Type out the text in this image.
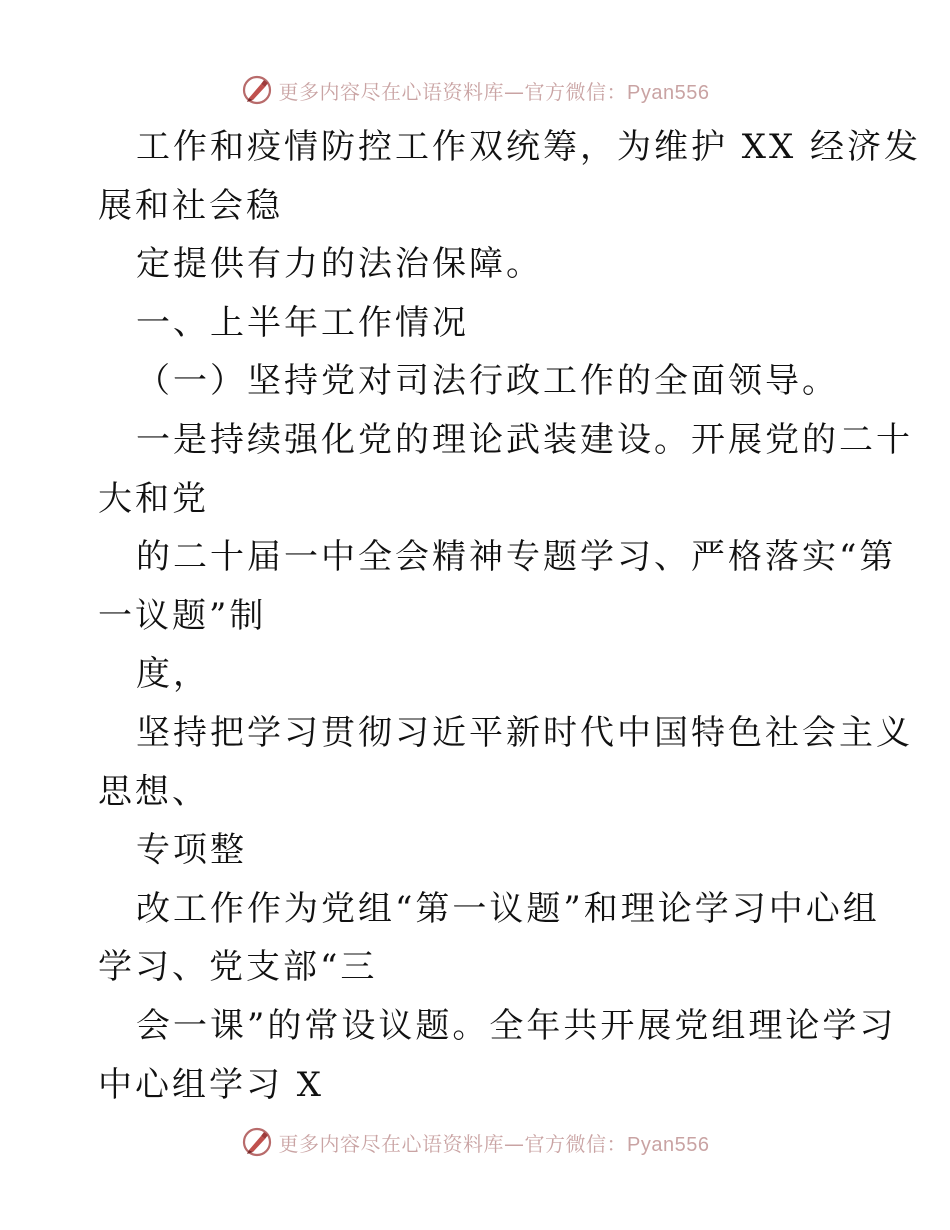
更多内容尽在心语资料库—官方微信：Pyan556
工作和疫情防控工作双统筹，为维护 XX 经济发
展和社会稳
定提供有力的法治保障。
一、上半年工作情况
（一）坚持党对司法行政工作的全面领导。
一是持续强化党的理论武装建设。开展党的二十
大和党
的二十届一中全会精神专题学习、严格落实“第
一议题”制
度，
坚持把学习贯彻习近平新时代中国特色社会主义
思想、
专项整
改工作作为党组“第一议题”和理论学习中心组
学习、党支部“三
会一课”的常设议题。全年共开展党组理论学习
中心组学习 X
更多内容尽在心语资料库—官方微信：Pyan556
